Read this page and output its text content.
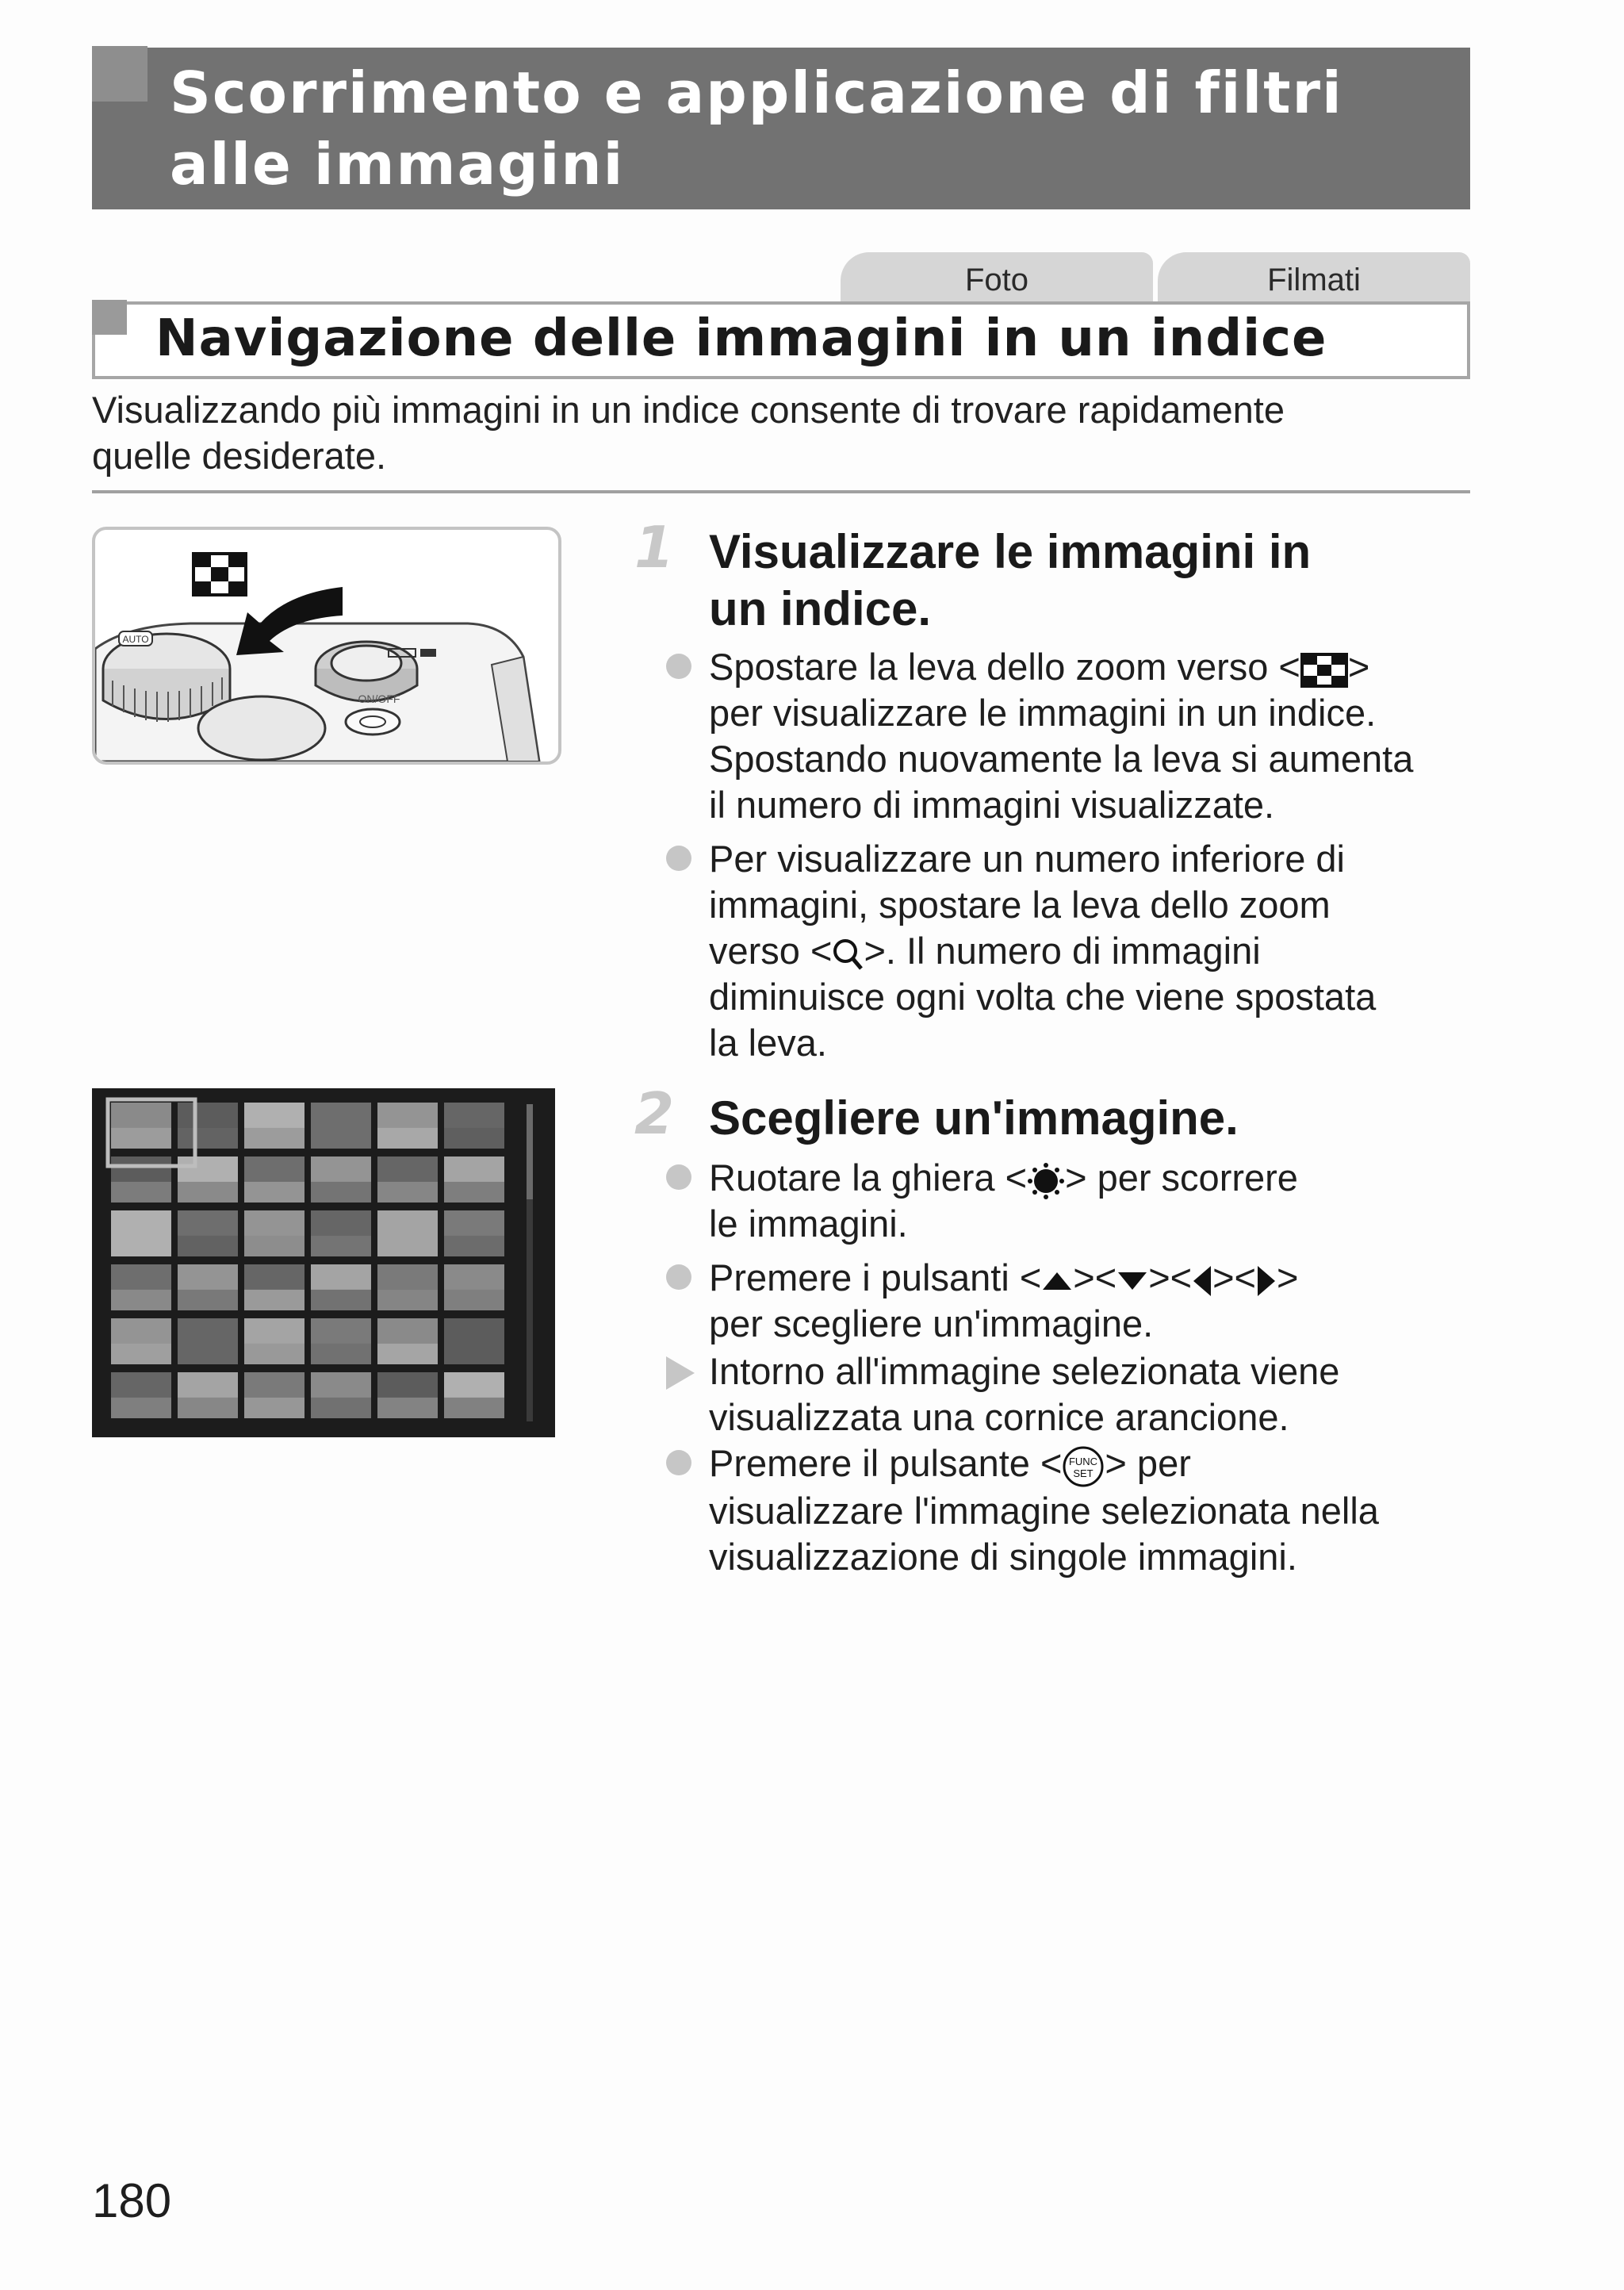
Scorrimento e applicazione di filtri
alle immagini
Foto	Filmati
Navigazione delle immagini in un indice
Visualizzando più immagini in un indice consente di trovare rapidamente
quelle desiderate.
AUTO
ON/OFF
1 Visualizzare le immagini in
un indice.
Spostare la leva dello zoom verso < >
per visualizzare le immagini in un indice.
Spostando nuovamente la leva si aumenta
il numero di immagini visualizzate.
Per visualizzare un numero inferiore di
immagini, spostare la leva dello zoom
verso < >. Il numero di immagini
diminuisce ogni volta che viene spostata
la leva.
2 Scegliere un'immagine.
Ruotare la ghiera < > per scorrere
le immagini.
Premere i pulsanti < >< >< >< >
per scegliere un'immagine.
Intorno all'immagine selezionata viene
visualizzata una cornice arancione.
Premere il pulsante < FUNC
SET > per
visualizzare l'immagine selezionata nella
visualizzazione di singole immagini.
180
